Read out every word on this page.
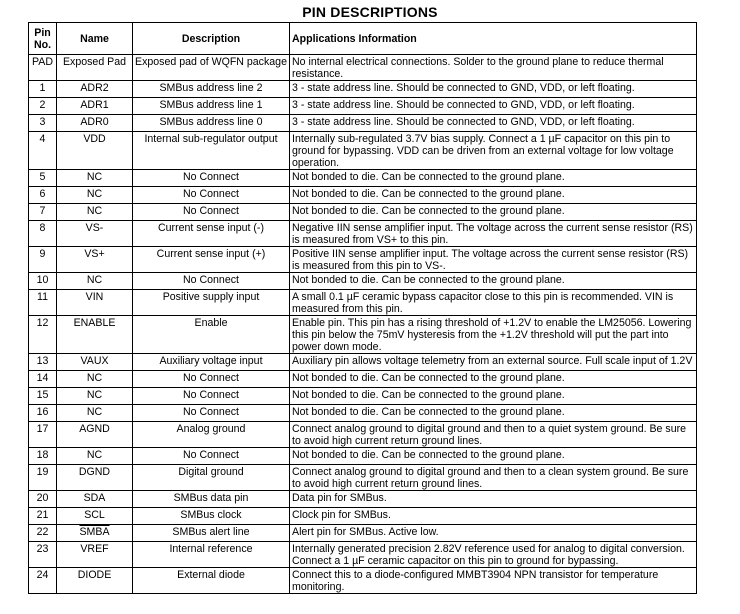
PIN DESCRIPTIONS
Pin No.	Name	Description	Applications Information
PAD	Exposed Pad	Exposed pad of WQFN package	No internal electrical connections. Solder to the ground plane to reduce thermal resistance.
1	ADR2	SMBus address line 2	3 - state address line. Should be connected to GND, VDD, or left floating.
2	ADR1	SMBus address line 1	3 - state address line. Should be connected to GND, VDD, or left floating.
3	ADR0	SMBus address line 0	3 - state address line. Should be connected to GND, VDD, or left floating.
4	VDD	Internal sub-regulator output	Internally sub-regulated 3.7V bias supply. Connect a 1 µF capacitor on this pin to ground for bypassing. VDD can be driven from an external voltage for low voltage operation.
5	NC	No Connect	Not bonded to die. Can be connected to the ground plane.
6	NC	No Connect	Not bonded to die. Can be connected to the ground plane.
7	NC	No Connect	Not bonded to die. Can be connected to the ground plane.
8	VS-	Current sense input (-)	Negative IIN sense amplifier input. The voltage across the current sense resistor (RS) is measured from VS+ to this pin.
9	VS+	Current sense input (+)	Positive IIN sense amplifier input. The voltage across the current sense resistor (RS) is measured from this pin to VS-.
10	NC	No Connect	Not bonded to die. Can be connected to the ground plane.
11	VIN	Positive supply input	A small 0.1 µF ceramic bypass capacitor close to this pin is recommended. VIN is measured from this pin.
12	ENABLE	Enable	Enable pin. This pin has a rising threshold of +1.2V to enable the LM25056. Lowering this pin below the 75mV hysteresis from the +1.2V threshold will put the part into power down mode.
13	VAUX	Auxiliary voltage input	Auxiliary pin allows voltage telemetry from an external source. Full scale input of 1.2V
14	NC	No Connect	Not bonded to die. Can be connected to the ground plane.
15	NC	No Connect	Not bonded to die. Can be connected to the ground plane.
16	NC	No Connect	Not bonded to die. Can be connected to the ground plane.
17	AGND	Analog ground	Connect analog ground to digital ground and then to a quiet system ground. Be sure to avoid high current return ground lines.
18	NC	No Connect	Not bonded to die. Can be connected to the ground plane.
19	DGND	Digital ground	Connect analog ground to digital ground and then to a clean system ground. Be sure to avoid high current return ground lines.
20	SDA	SMBus data pin	Data pin for SMBus.
21	SCL	SMBus clock	Clock pin for SMBus.
22	SMBA	SMBus alert line	Alert pin for SMBus. Active low.
23	VREF	Internal reference	Internally generated precision 2.82V reference used for analog to digital conversion. Connect a 1 µF ceramic capacitor on this pin to ground for bypassing.
24	DIODE	External diode	Connect this to a diode-configured MMBT3904 NPN transistor for temperature monitoring.
